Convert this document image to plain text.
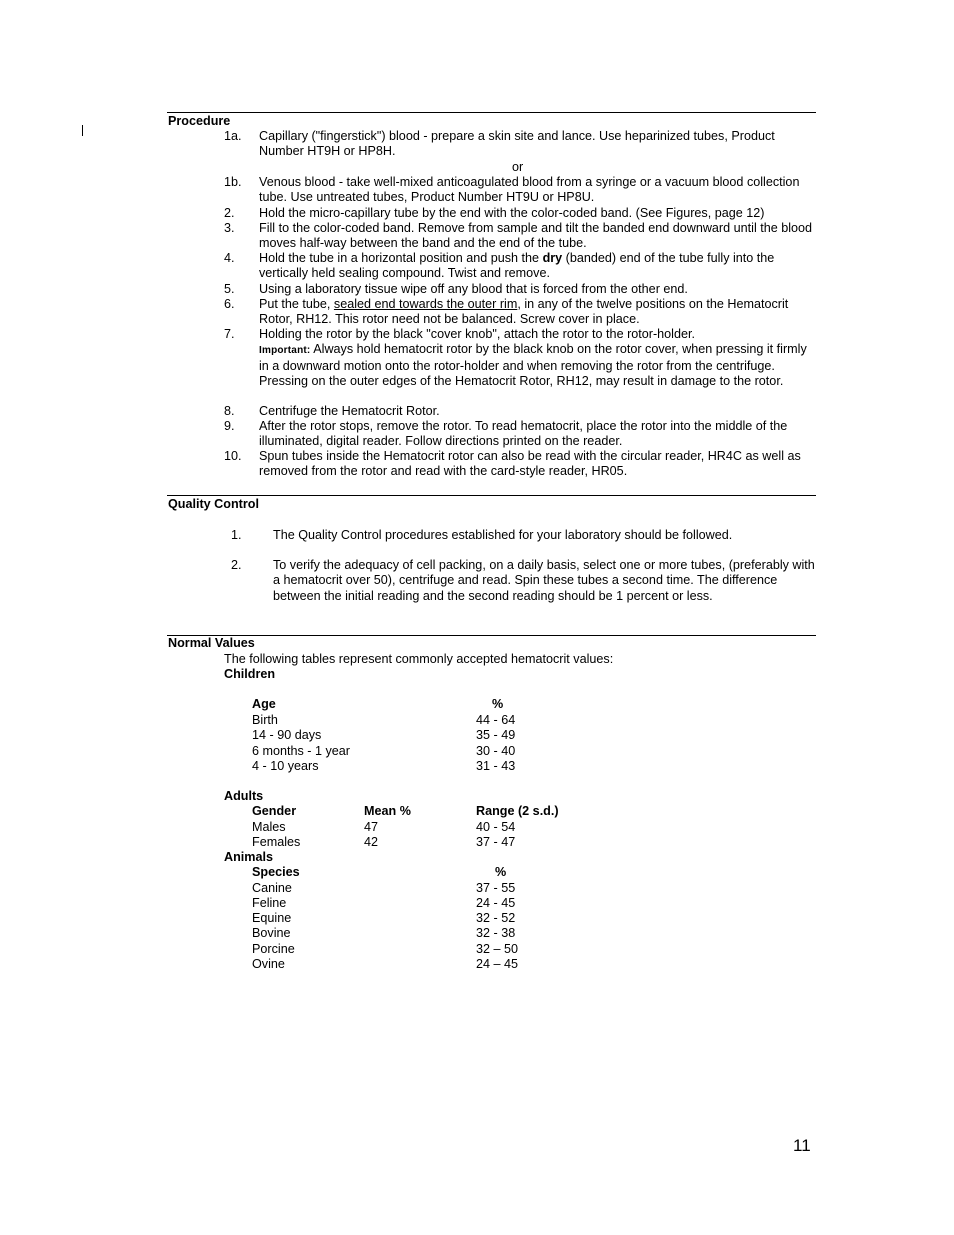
Procedure
1a. Capillary ("fingerstick") blood - prepare a skin site and lance. Use heparinized tubes, Product Number HT9H or HP8H.
or
1b. Venous blood - take well-mixed anticoagulated blood from a syringe or a vacuum blood collection tube. Use untreated tubes, Product Number HT9U or HP8U.
2. Hold the micro-capillary tube by the end with the color-coded band. (See Figures, page 12)
3. Fill to the color-coded band. Remove from sample and tilt the banded end downward until the blood moves half-way between the band and the end of the tube.
4. Hold the tube in a horizontal position and push the dry (banded) end of the tube fully into the vertically held sealing compound. Twist and remove.
5. Using a laboratory tissue wipe off any blood that is forced from the other end.
6. Put the tube, sealed end towards the outer rim, in any of the twelve positions on the Hematocrit Rotor, RH12. This rotor need not be balanced. Screw cover in place.
7. Holding the rotor by the black "cover knob", attach the rotor to the rotor-holder.
Important: Always hold hematocrit rotor by the black knob on the rotor cover, when pressing it firmly in a downward motion onto the rotor-holder and when removing the rotor from the centrifuge. Pressing on the outer edges of the Hematocrit Rotor, RH12, may result in damage to the rotor.
8. Centrifuge the Hematocrit Rotor.
9. After the rotor stops, remove the rotor. To read hematocrit, place the rotor into the middle of the illuminated, digital reader. Follow directions printed on the reader.
10. Spun tubes inside the Hematocrit rotor can also be read with the circular reader, HR4C as well as removed from the rotor and read with the card-style reader, HR05.
Quality Control
1. The Quality Control procedures established for your laboratory should be followed.
2. To verify the adequacy of cell packing, on a daily basis, select one or more tubes, (preferably with a hematocrit over 50), centrifuge and read. Spin these tubes a second time. The difference between the initial reading and the second reading should be 1 percent or less.
Normal Values
The following tables represent commonly accepted hematocrit values:
Children
Age	%
Birth	44 - 64
14 - 90 days	35 - 49
6 months - 1 year	30 - 40
4 - 10 years	31 - 43
Adults
Gender	Mean %	Range (2 s.d.)
Males	47	40 - 54
Females	42	37 - 47
Animals
Species	%
Canine	37 - 55
Feline	24 - 45
Equine	32 - 52
Bovine	32 - 38
Porcine	32 – 50
Ovine	24 – 45
11
